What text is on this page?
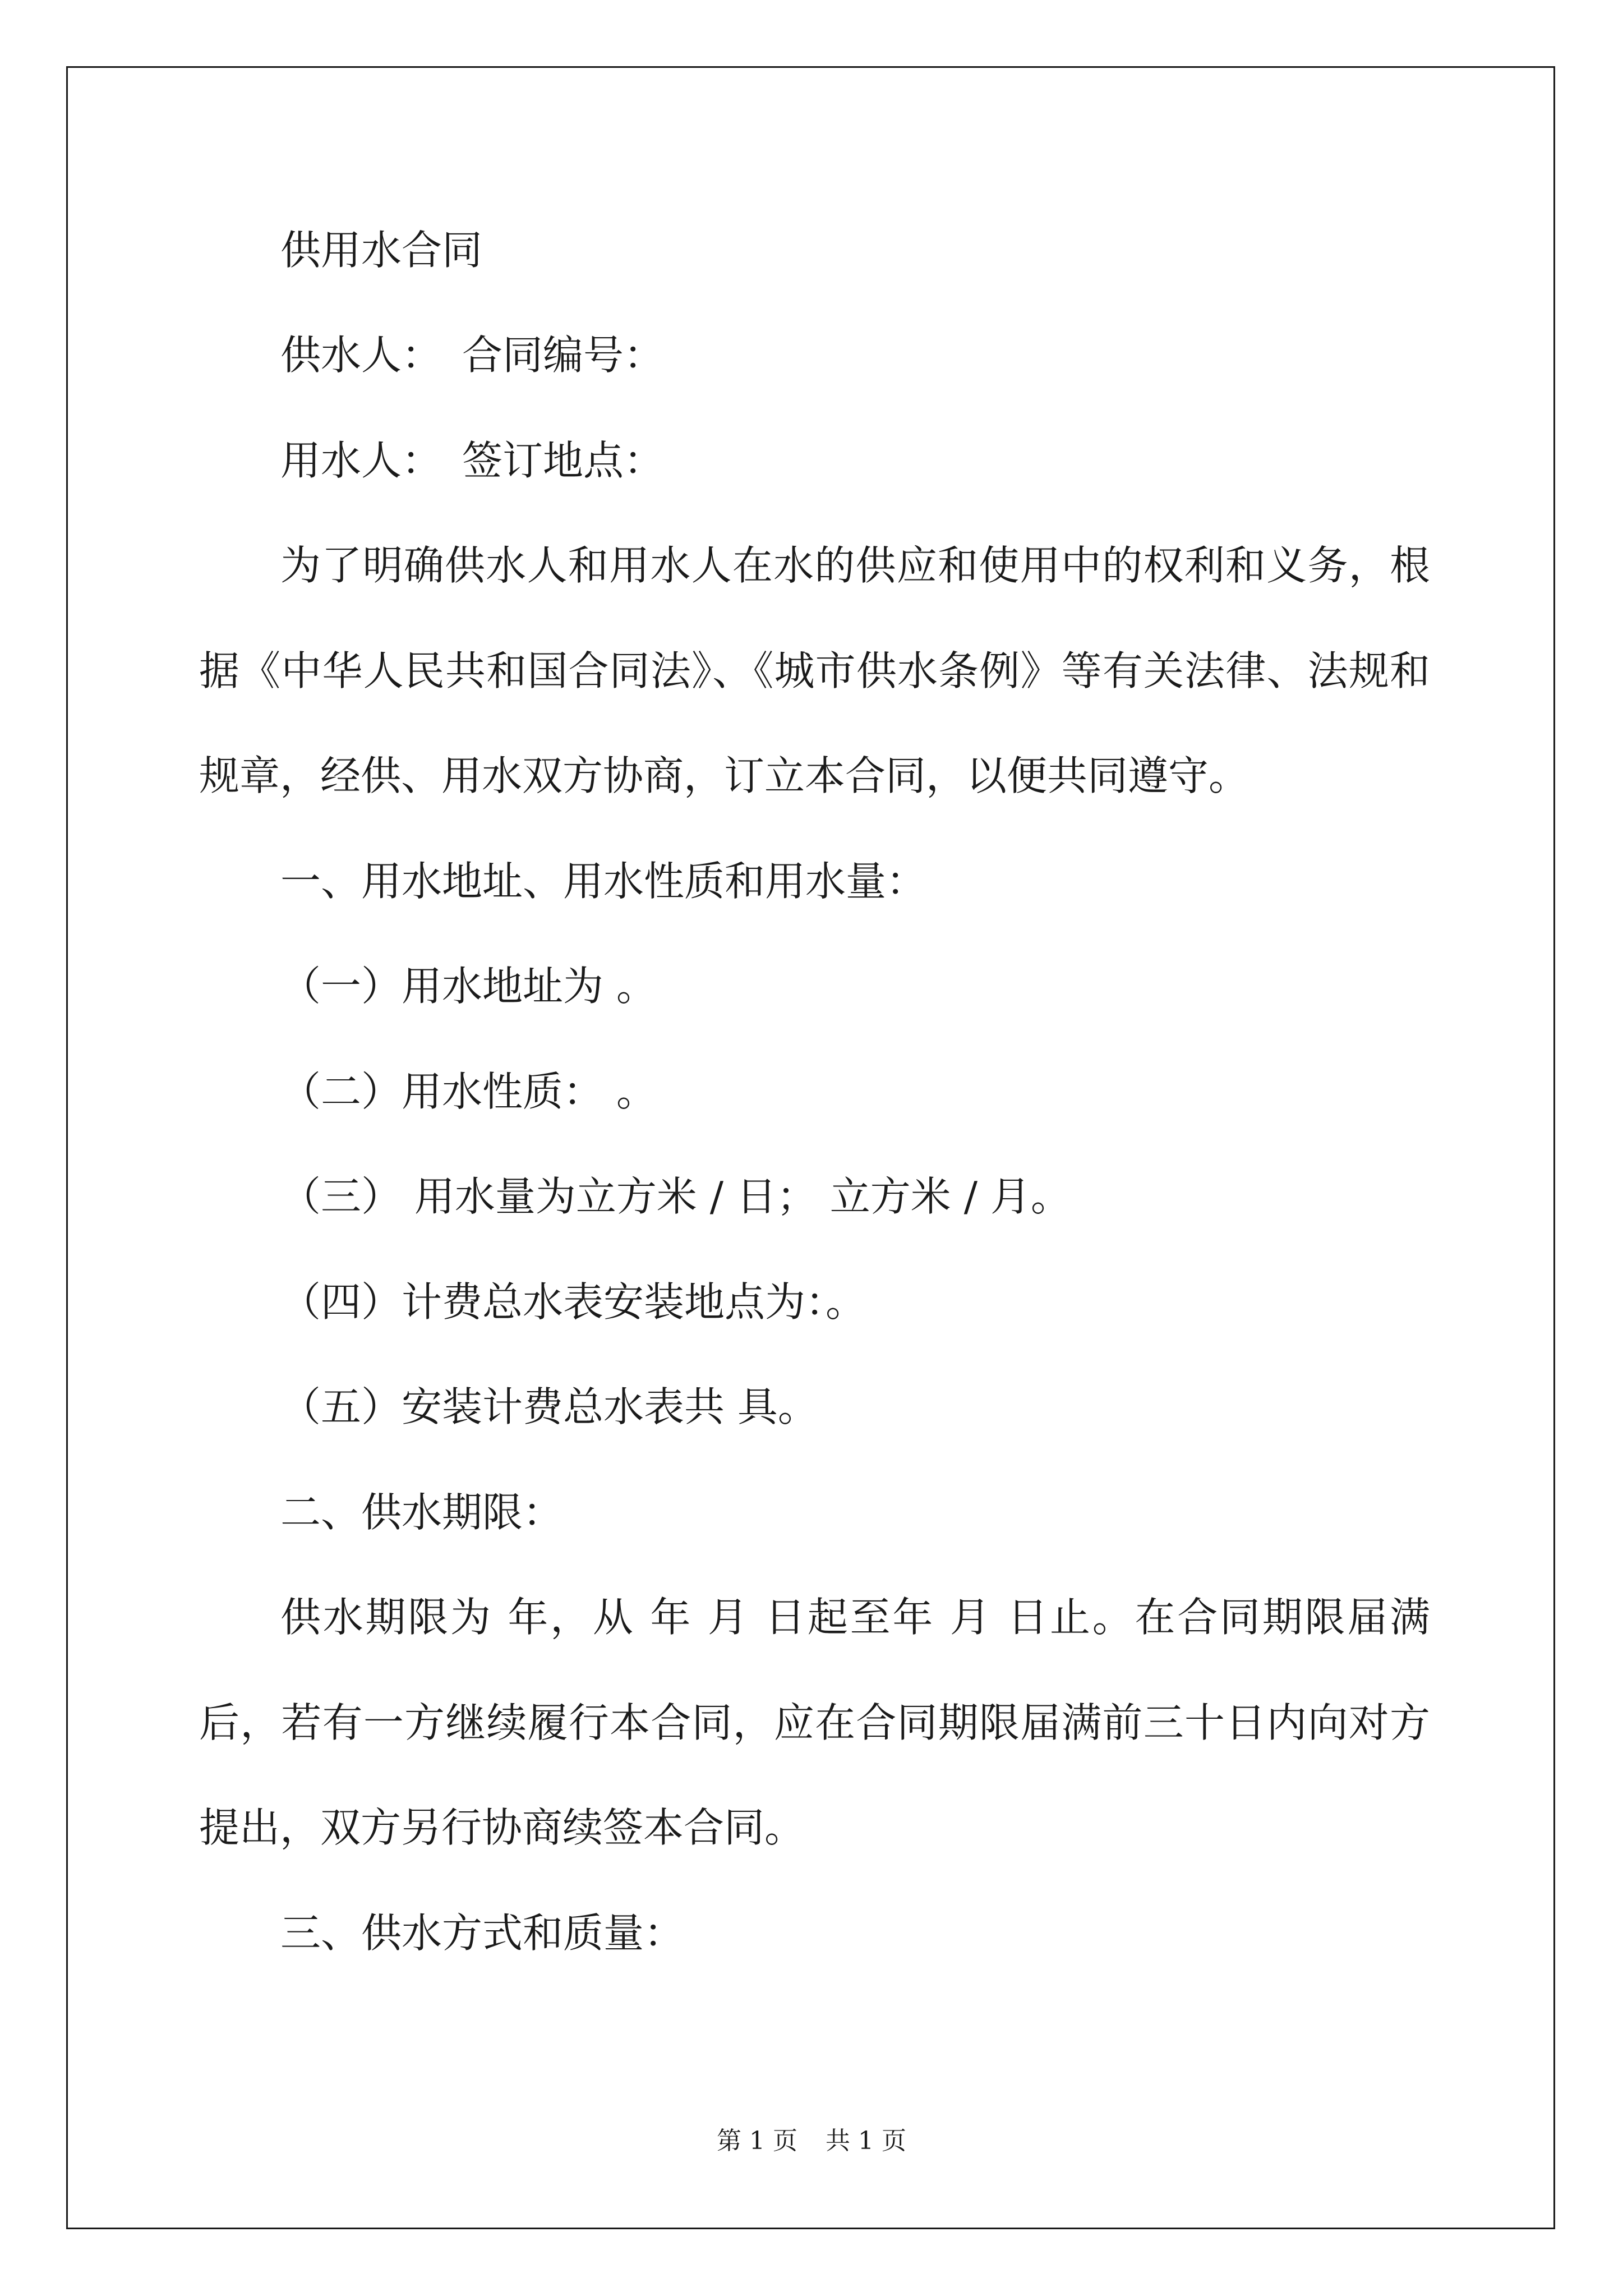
供用水合同
供水人： 合同编号：
用水人： 签订地点：
为了明确供水人和用水人在水的供应和使用中的权利和义务，根
据《中华人民共和国合同法》、《城市供水条例》等有关法律、法规和
规章，经供、用水双方协商，订立本合同，以便共同遵守。
一、用水地址、用水性质和用水量：
（一）用水地址为 。
（二）用水性质： 。
（三） 用水量为立方米 / 日； 立方米 / 月。
（四）计费总水表安装地点为：。
（五）安装计费总水表共 具。
二、供水期限：
供水期限为 年，从 年 月 日起至年 月 日止。在合同期限届满
后，若有一方继续履行本合同，应在合同期限届满前三十日内向对方
提出，双方另行协商续签本合同。
三、供水方式和质量：
第 1 页 共 1 页
